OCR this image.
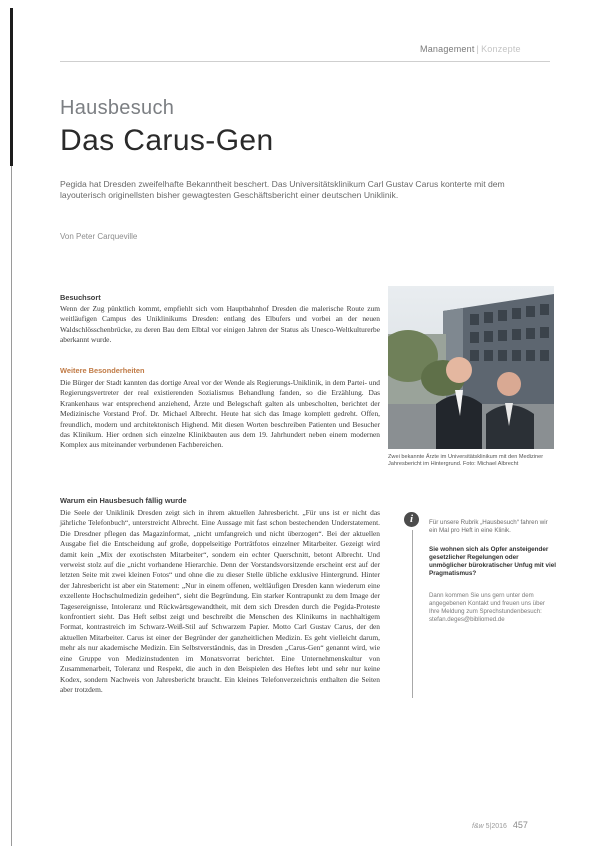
Management | Konzepte
Hausbesuch
Das Carus-Gen

Pegida hat Dresden zweifelhafte Bekanntheit beschert. Das Universitätsklinikum Carl Gustav Carus konterte mit dem layouterisch originellsten bisher gewagtesten Geschäftsbericht einer deutschen Uniklinik.

Von Peter Carqueville
Besuchsort

Wenn der Zug pünktlich kommt, empfiehlt sich vom Hauptbahnhof Dresden die malerische Route zum weitläufigen Campus des Uniklinikums Dresden: entlang des Elbufers und vorbei an der neuen Waldschlösschenbrücke, zu deren Bau dem Elbtal vor einigen Jahren der Status als Unesco-Weltkulturerbe aberkannt wurde.

Weitere Besonderheiten

Die Bürger der Stadt kannten das dortige Areal vor der Wende als Regierungs-Uniklinik, in dem Partei- und Regierungsvertreter der real existierenden Sozialismus Behandlung fanden, so die Erzählung. Das Krankenhaus war entsprechend anziehend, Ärzte und Belegschaft galten als unbescholten, berichtet der Medizinische Vorstand Prof. Dr. Michael Albrecht. Heute hat sich das Image komplett gedreht. Offen, freundlich, modern und architektonisch Highend. Mit diesen Worten beschreiben Patienten und Besucher das Klinikum. Hier ordnen sich einzelne Klinikbauten aus dem 19. Jahrhundert neben einem modernen Komplex aus miteinander verbundenen Fachbereichen.

Warum ein Hausbesuch fällig wurde

Die Seele der Uniklinik Dresden zeigt sich in ihrem aktuellen Jahresbericht. „Für uns ist er nicht das jährliche Telefonbuch“, unterstreicht Albrecht. Eine Aussage mit fast schon bestechenden Understatement. Die Dresdner pflegen das Magazinformat, „nicht umfangreich und nicht überzogen“. Bei der aktuellen Ausgabe fiel die Entscheidung auf große, doppelseitige Porträtfotos einzelner Mitarbeiter. Gezeigt wird damit kein „Mix der exotischsten Mitarbeiter“, sondern ein echter Querschnitt, betont Albrecht. Und verweist stolz auf die „nicht vorhandene Hierarchie. Denn der Vorstandsvorsitzende erscheint erst auf der letzten Seite mit zwei kleinen Fotos“ und ohne die zu dieser Stelle übliche exklusive Hintergrund. Hinter der Jahresbericht ist aber ein Statement: „Nur in einem offenen, weltläufigen Dresden kann wiederum eine exzellente Hochschulmedizin gedeihen“, sieht die Begründung. Ein starker Kontrapunkt zu dem Image der Tagesereignisse, Intoleranz und Rückwärtsgewandtheit, mit dem sich Dresden durch die Pegida-Proteste konfrontiert sieht. Das Heft selbst zeigt und beschreibt die Menschen des Klinikums in nachhaltigem Format, kontrastreich im Schwarz-Weiß-Stil auf Schwarzem Papier. Motto Carl Gustav Carus, der den aktuellen Mitarbeiter. Carus ist einer der Begründer der ganzheitlichen Medizin. Es geht vielleicht darum, mehr als nur akademische Medizin. Ein Selbstverständnis, das in Dresden „Carus-Gen“ genannt wird, wie eine Gruppe von Medizinstudenten im Monatsvorrat berichtet. Eine Unternehmenskultur von Zusammenarbeit, Toleranz und Respekt, die auch in den Beispielen des Heftes lebt und sehr nur keine Kodex, sondern Nachweis von Jahresbericht braucht. Ein kleines Telefonverzeichnis enthalten die Seiten aber trotzdem.

Zwei bekannte Ärzte im Universitätsklinikum mit den Mediziner Jahresbericht im Hintergrund. Foto: Michael Albrecht

i	Für unsere Rubrik „Hausbesuch“ fahren wir ein Mal pro Heft in eine Klinik.

Sie wohnen sich als Opfer ansteigender gesetzlicher Regelungen oder unmöglicher bürokratischer Unfug mit viel Pragmatismus?

Dann kommen Sie uns gern unter dem angegebenen Kontakt und freuen uns über Ihre Meldung zum Sprechstundenbesuch: stefan.deges@bibliomed.de

f&w 5|2016 457
